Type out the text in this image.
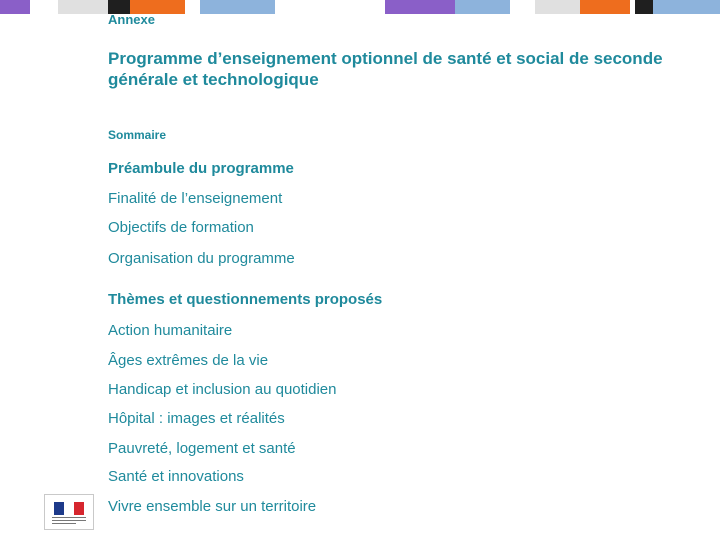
Annexe
Programme d’enseignement optionnel de santé et social de seconde générale et technologique
Sommaire
Préambule du programme
Finalité de l’enseignement
Objectifs de formation
Organisation du programme
Thèmes et questionnements proposés
Action humanitaire
Âges extrêmes de la vie
Handicap et inclusion au quotidien
Hôpital : images et réalités
Pauvreté, logement et santé
Santé et innovations
Vivre ensemble sur un territoire
